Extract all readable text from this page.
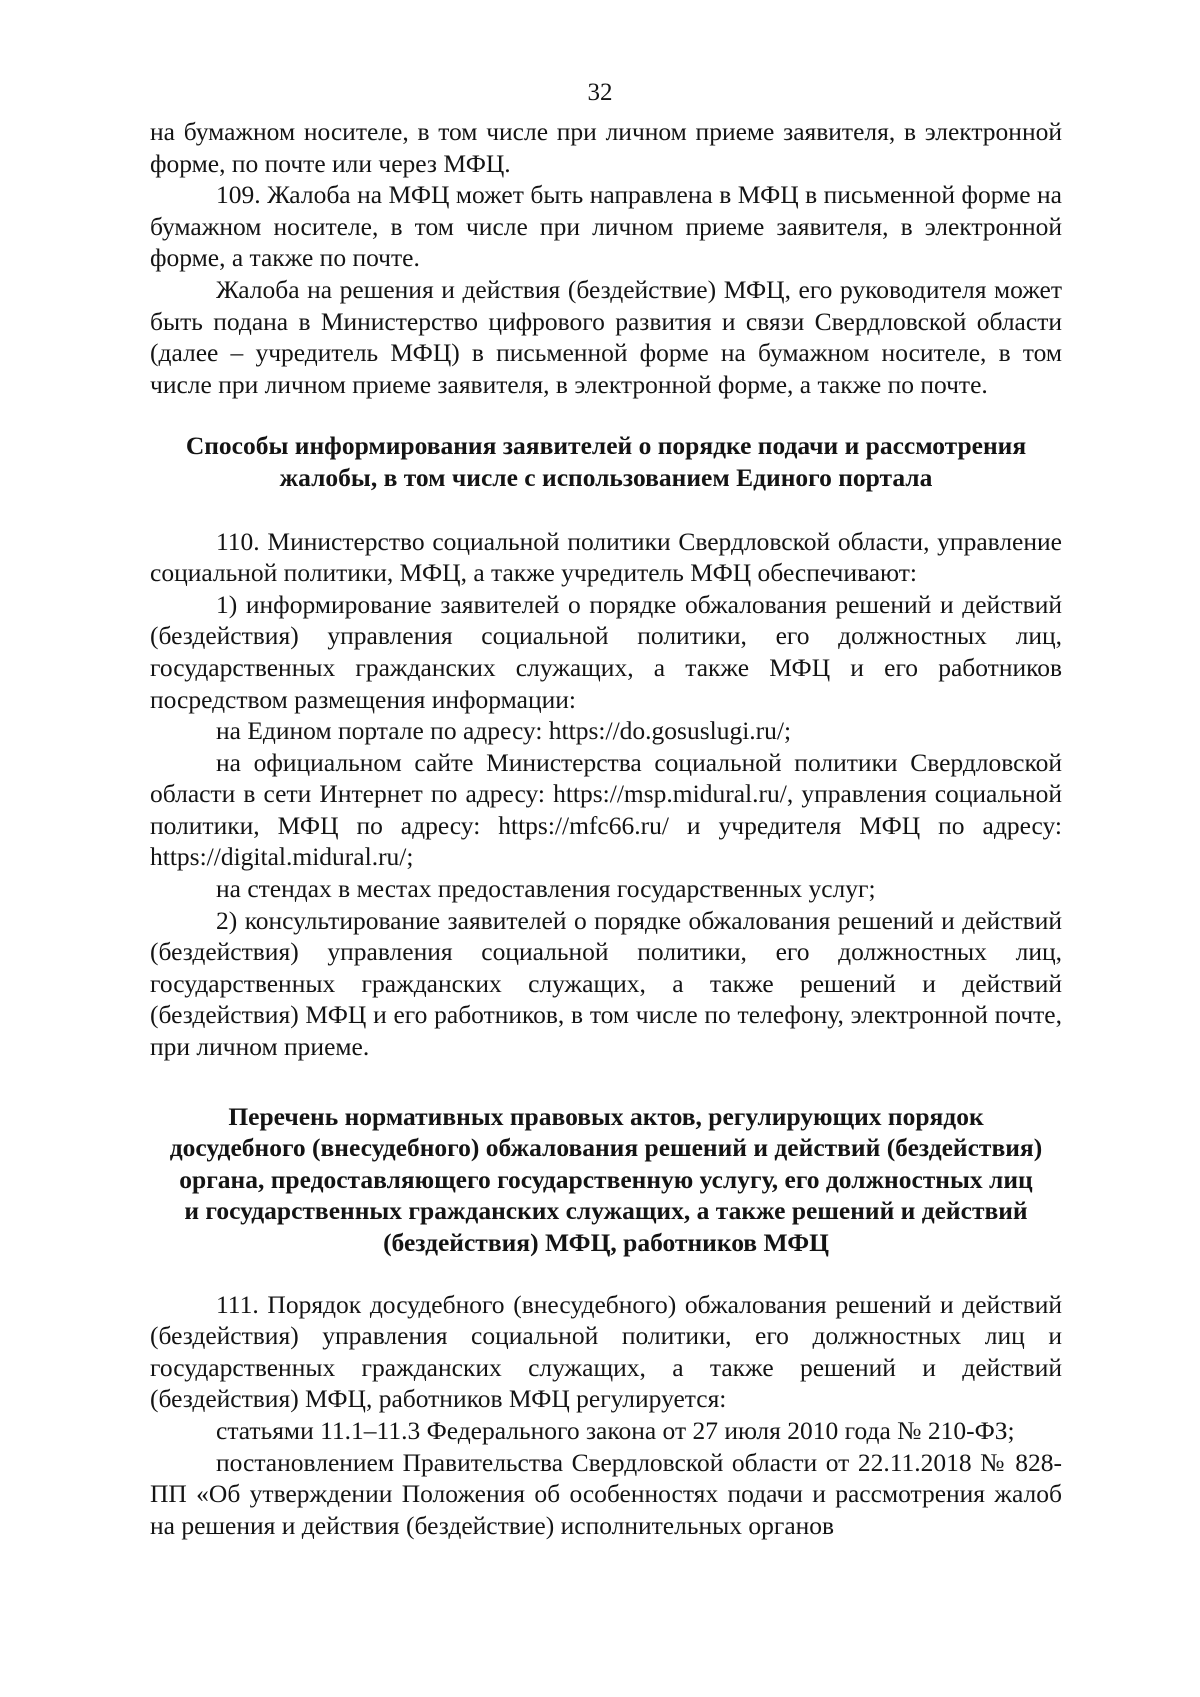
32

на бумажном носителе, в том числе при личном приеме заявителя, в электронной форме, по почте или через МФЦ.

109. Жалоба на МФЦ может быть направлена в МФЦ в письменной форме на бумажном носителе, в том числе при личном приеме заявителя, в электронной форме, а также по почте.

Жалоба на решения и действия (бездействие) МФЦ, его руководителя может быть подана в Министерство цифрового развития и связи Свердловской области (далее – учредитель МФЦ) в письменной форме на бумажном носителе, в том числе при личном приеме заявителя, в электронной форме, а также по почте.

Способы информирования заявителей о порядке подачи и рассмотрения
жалобы, в том числе с использованием Единого портала

110. Министерство социальной политики Свердловской области, управление социальной политики, МФЦ, а также учредитель МФЦ обеспечивают:

1) информирование заявителей о порядке обжалования решений и действий (бездействия) управления социальной политики, его должностных лиц, государственных гражданских служащих, а также МФЦ и его работников посредством размещения информации:

на Едином портале по адресу: https://do.gosuslugi.ru/;

на официальном сайте Министерства социальной политики Свердловской области в сети Интернет по адресу: https://msp.midural.ru/, управления социальной политики, МФЦ по адресу: https://mfc66.ru/ и учредителя МФЦ по адресу: https://digital.midural.ru/;

на стендах в местах предоставления государственных услуг;

2) консультирование заявителей о порядке обжалования решений и действий (бездействия) управления социальной политики, его должностных лиц, государственных гражданских служащих, а также решений и действий (бездействия) МФЦ и его работников, в том числе по телефону, электронной почте, при личном приеме.

Перечень нормативных правовых актов, регулирующих порядок
досудебного (внесудебного) обжалования решений и действий (бездействия)
органа, предоставляющего государственную услугу, его должностных лиц
и государственных гражданских служащих, а также решений и действий
(бездействия) МФЦ, работников МФЦ

111. Порядок досудебного (внесудебного) обжалования решений и действий (бездействия) управления социальной политики, его должностных лиц и государственных гражданских служащих, а также решений и действий (бездействия) МФЦ, работников МФЦ регулируется:

статьями 11.1–11.3 Федерального закона от 27 июля 2010 года № 210-ФЗ;

постановлением Правительства Свердловской области от 22.11.2018 № 828-ПП «Об утверждении Положения об особенностях подачи и рассмотрения жалоб на решения и действия (бездействие) исполнительных органов
